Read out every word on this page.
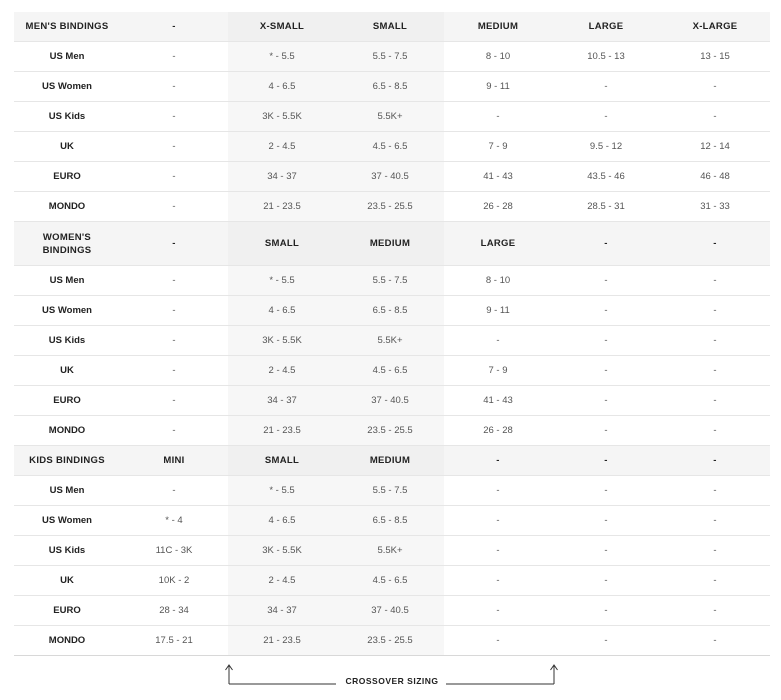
MEN'S BINDINGS	-	X-SMALL	SMALL	MEDIUM	LARGE	X-LARGE
US Men	-	* - 5.5	5.5 - 7.5	8 - 10	10.5 - 13	13 - 15
US Women	-	4 - 6.5	6.5 - 8.5	9 - 11	-	-
US Kids	-	3K - 5.5K	5.5K+	-	-	-
UK	-	2 - 4.5	4.5 - 6.5	7 - 9	9.5 - 12	12 - 14
EURO	-	34 - 37	37 - 40.5	41 - 43	43.5 - 46	46 - 48
MONDO	-	21 - 23.5	23.5 - 25.5	26 - 28	28.5 - 31	31 - 33
WOMEN'S BINDINGS	-	SMALL	MEDIUM	LARGE	-	-
US Men	-	* - 5.5	5.5 - 7.5	8 - 10	-	-
US Women	-	4 - 6.5	6.5 - 8.5	9 - 11	-	-
US Kids	-	3K - 5.5K	5.5K+	-	-	-
UK	-	2 - 4.5	4.5 - 6.5	7 - 9	-	-
EURO	-	34 - 37	37 - 40.5	41 - 43	-	-
MONDO	-	21 - 23.5	23.5 - 25.5	26 - 28	-	-
KIDS BINDINGS	MINI	SMALL	MEDIUM	-	-	-
US Men	-	* - 5.5	5.5 - 7.5	-	-	-
US Women	* - 4	4 - 6.5	6.5 - 8.5	-	-	-
US Kids	11C - 3K	3K - 5.5K	5.5K+	-	-	-
UK	10K - 2	2 - 4.5	4.5 - 6.5	-	-	-
EURO	28 - 34	34 - 37	37 - 40.5	-	-	-
MONDO	17.5 - 21	21 - 23.5	23.5 - 25.5	-	-	-
CROSSOVER SIZING
